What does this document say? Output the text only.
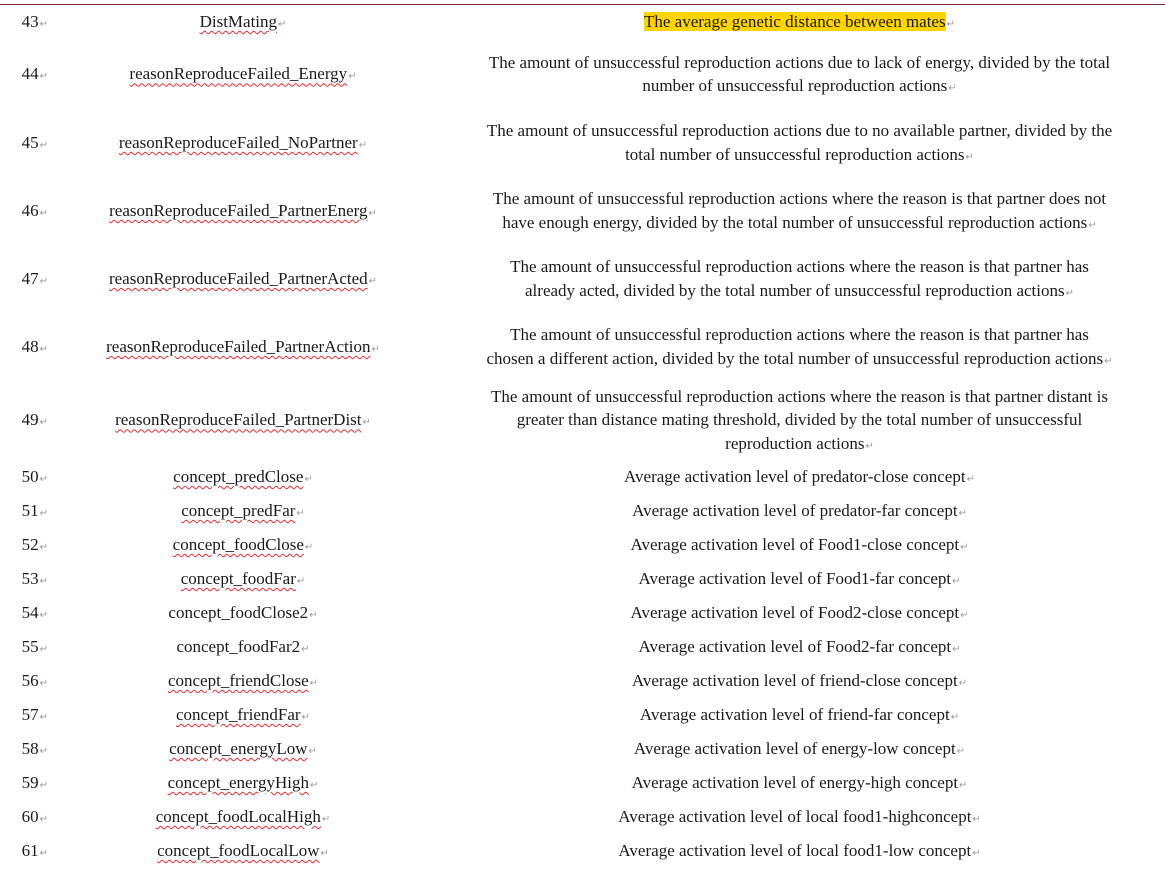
43↵	DistMating↵	The average genetic distance between mates↵

44↵	reasonReproduceFailed_Energy↵	The amount of unsuccessful reproduction actions due to lack of energy, divided by the total
number of unsuccessful reproduction actions↵

45↵	reasonReproduceFailed_NoPartner↵	The amount of unsuccessful reproduction actions due to no available partner, divided by the
total number of unsuccessful reproduction actions↵

46↵	reasonReproduceFailed_PartnerEnerg↵	The amount of unsuccessful reproduction actions where the reason is that partner does not
have enough energy, divided by the total number of unsuccessful reproduction actions↵

47↵	reasonReproduceFailed_PartnerActed↵	The amount of unsuccessful reproduction actions where the reason is that partner has
already acted, divided by the total number of unsuccessful reproduction actions↵

48↵	reasonReproduceFailed_PartnerAction↵	The amount of unsuccessful reproduction actions where the reason is that partner has
chosen a different action, divided by the total number of unsuccessful reproduction actions↵

49↵	reasonReproduceFailed_PartnerDist↵	The amount of unsuccessful reproduction actions where the reason is that partner distant is
greater than distance mating threshold, divided by the total number of unsuccessful
reproduction actions↵

50↵	concept_predClose↵	Average activation level of predator-close concept↵

51↵	concept_predFar↵	Average activation level of predator-far concept↵

52↵	concept_foodClose↵	Average activation level of Food1-close concept↵

53↵	concept_foodFar↵	Average activation level of Food1-far concept↵

54↵	concept_foodClose2↵	Average activation level of Food2-close concept↵

55↵	concept_foodFar2↵	Average activation level of Food2-far concept↵

56↵	concept_friendClose↵	Average activation level of friend-close concept↵

57↵	concept_friendFar↵	Average activation level of friend-far concept↵

58↵	concept_energyLow↵	Average activation level of energy-low concept↵

59↵	concept_energyHigh↵	Average activation level of energy-high concept↵

60↵	concept_foodLocalHigh↵	Average activation level of local food1-highconcept↵

61↵	concept_foodLocalLow↵	Average activation level of local food1-low concept↵
